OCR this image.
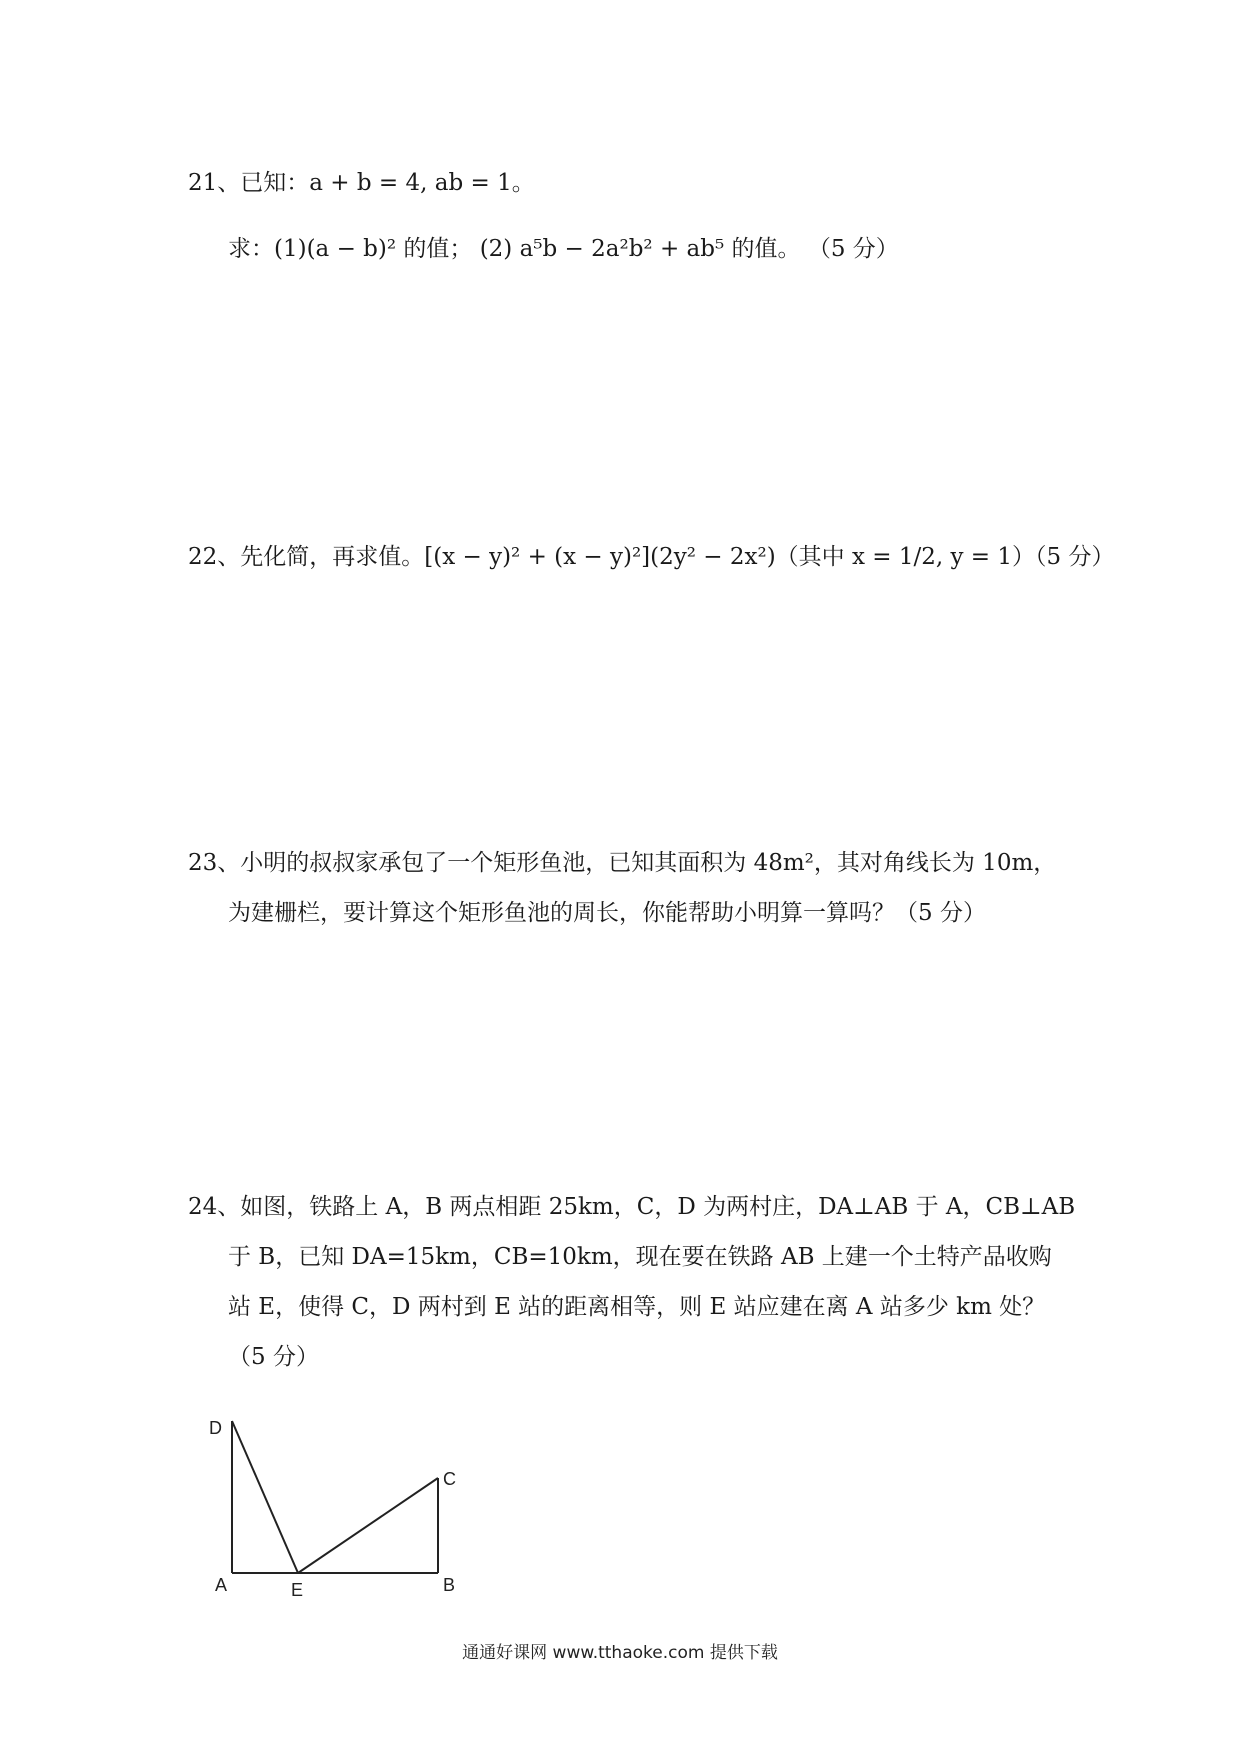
21、已知：a + b = 4, ab = 1。
求：(1)(a − b)² 的值； (2) a⁵b − 2a²b² + ab⁵ 的值。 （5 分）
22、先化简，再求值。[(x − y)² + (x − y)²](2y² − 2x²)（其中 x = 1/2, y = 1）（5 分）
23、小明的叔叔家承包了一个矩形鱼池，已知其面积为 48m²，其对角线长为 10m，
为建栅栏，要计算这个矩形鱼池的周长，你能帮助小明算一算吗？（5 分）
24、如图，铁路上 A，B 两点相距 25km，C，D 为两村庄，DA⊥AB 于 A，CB⊥AB
于 B，已知 DA=15km，CB=10km，现在要在铁路 AB 上建一个土特产品收购
站 E，使得 C，D 两村到 E 站的距离相等，则 E 站应建在离 A 站多少 km 处？
（5 分）
D
C
A	E	B
通通好课网 www.tthaoke.com 提供下载
